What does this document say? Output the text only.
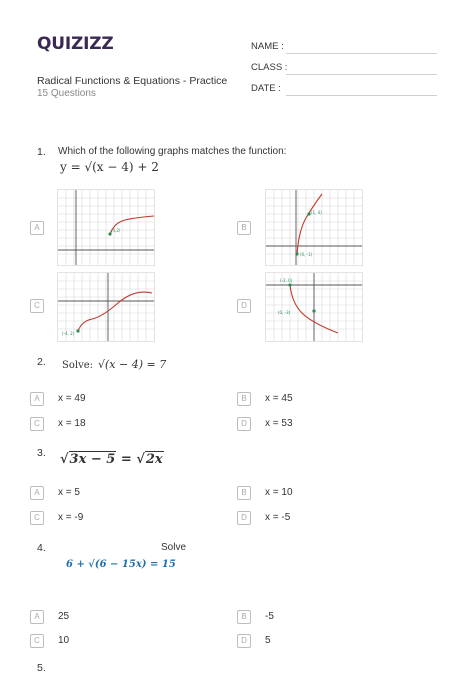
QUIZIZZ
Radical Functions & Equations - Practice
15 Questions
NAME :
CLASS :
DATE :
1. Which of the following graphs matches the function:
y = √(x − 4) + 2
A	(4,2)	B
(1, 4)
(0, -1)
C
(-4, 2)
D
(-2, 0)
(0, -3)
2. Solve: √(x − 4) = 7
A	x = 49	B	x = 45
C	x = 18	D	x = 53
3. √3x − 5 = √2x
A	x = 5	B	x = 10
C	x = -9	D	x = -5
4.	Solve
6 + √(6 − 15x) = 15
A	25	B	-5
C	10	D	5
5.
